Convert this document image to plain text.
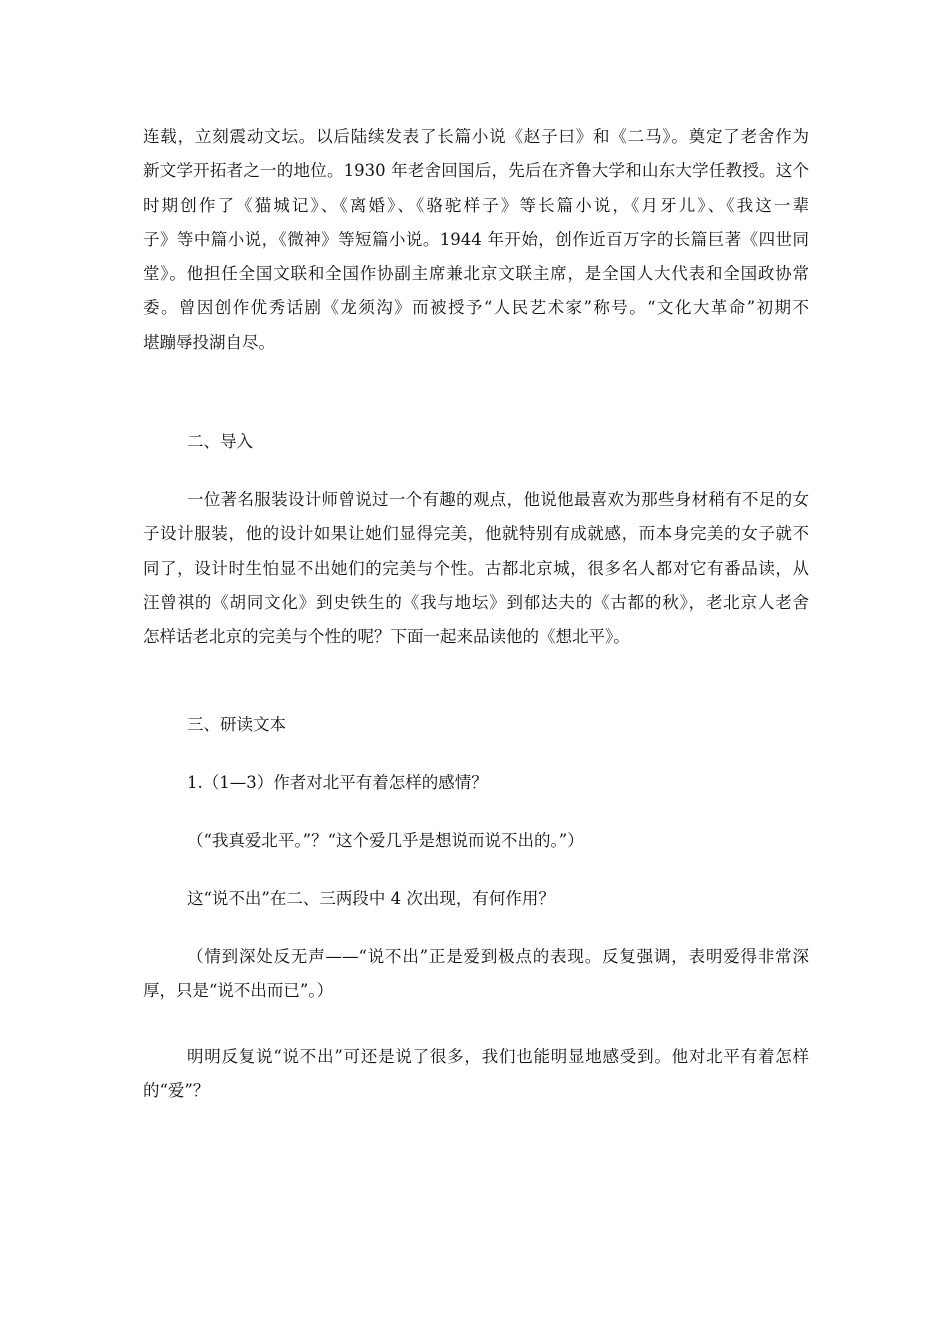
连载，立刻震动文坛。以后陆续发表了长篇小说《赵子曰》和《二马》。奠定了老舍作为
新文学开拓者之一的地位。1930 年老舍回国后，先后在齐鲁大学和山东大学任教授。这个
时期创作了《猫城记》、《离婚》、《骆驼样子》等长篇小说，《月牙儿》、《我这一辈
子》等中篇小说，《微神》等短篇小说。1944 年开始，创作近百万字的长篇巨著《四世同
堂》。他担任全国文联和全国作协副主席兼北京文联主席，是全国人大代表和全国政协常
委。曾因创作优秀话剧《龙须沟》而被授予“人民艺术家”称号。“文化大革命”初期不
堪蹦辱投湖自尽。

二、导入

一位著名服装设计师曾说过一个有趣的观点，他说他最喜欢为那些身材稍有不足的女
子设计服装，他的设计如果让她们显得完美，他就特别有成就感，而本身完美的女子就不
同了，设计时生怕显不出她们的完美与个性。古都北京城，很多名人都对它有番品读，从
汪曾祺的《胡同文化》到史铁生的《我与地坛》到郁达夫的《古都的秋》，老北京人老舍
怎样话老北京的完美与个性的呢？下面一起来品读他的《想北平》。

三、研读文本

1.（1—3）作者对北平有着怎样的感情？

（“我真爱北平。”？“这个爱几乎是想说而说不出的。”）

这“说不出”在二、三两段中 4 次出现，有何作用？

（情到深处反无声——“说不出”正是爱到极点的表现。反复强调，表明爱得非常深
厚，只是“说不出而已”。）

明明反复说“说不出”可还是说了很多，我们也能明显地感受到。他对北平有着怎样
的“爱”？
